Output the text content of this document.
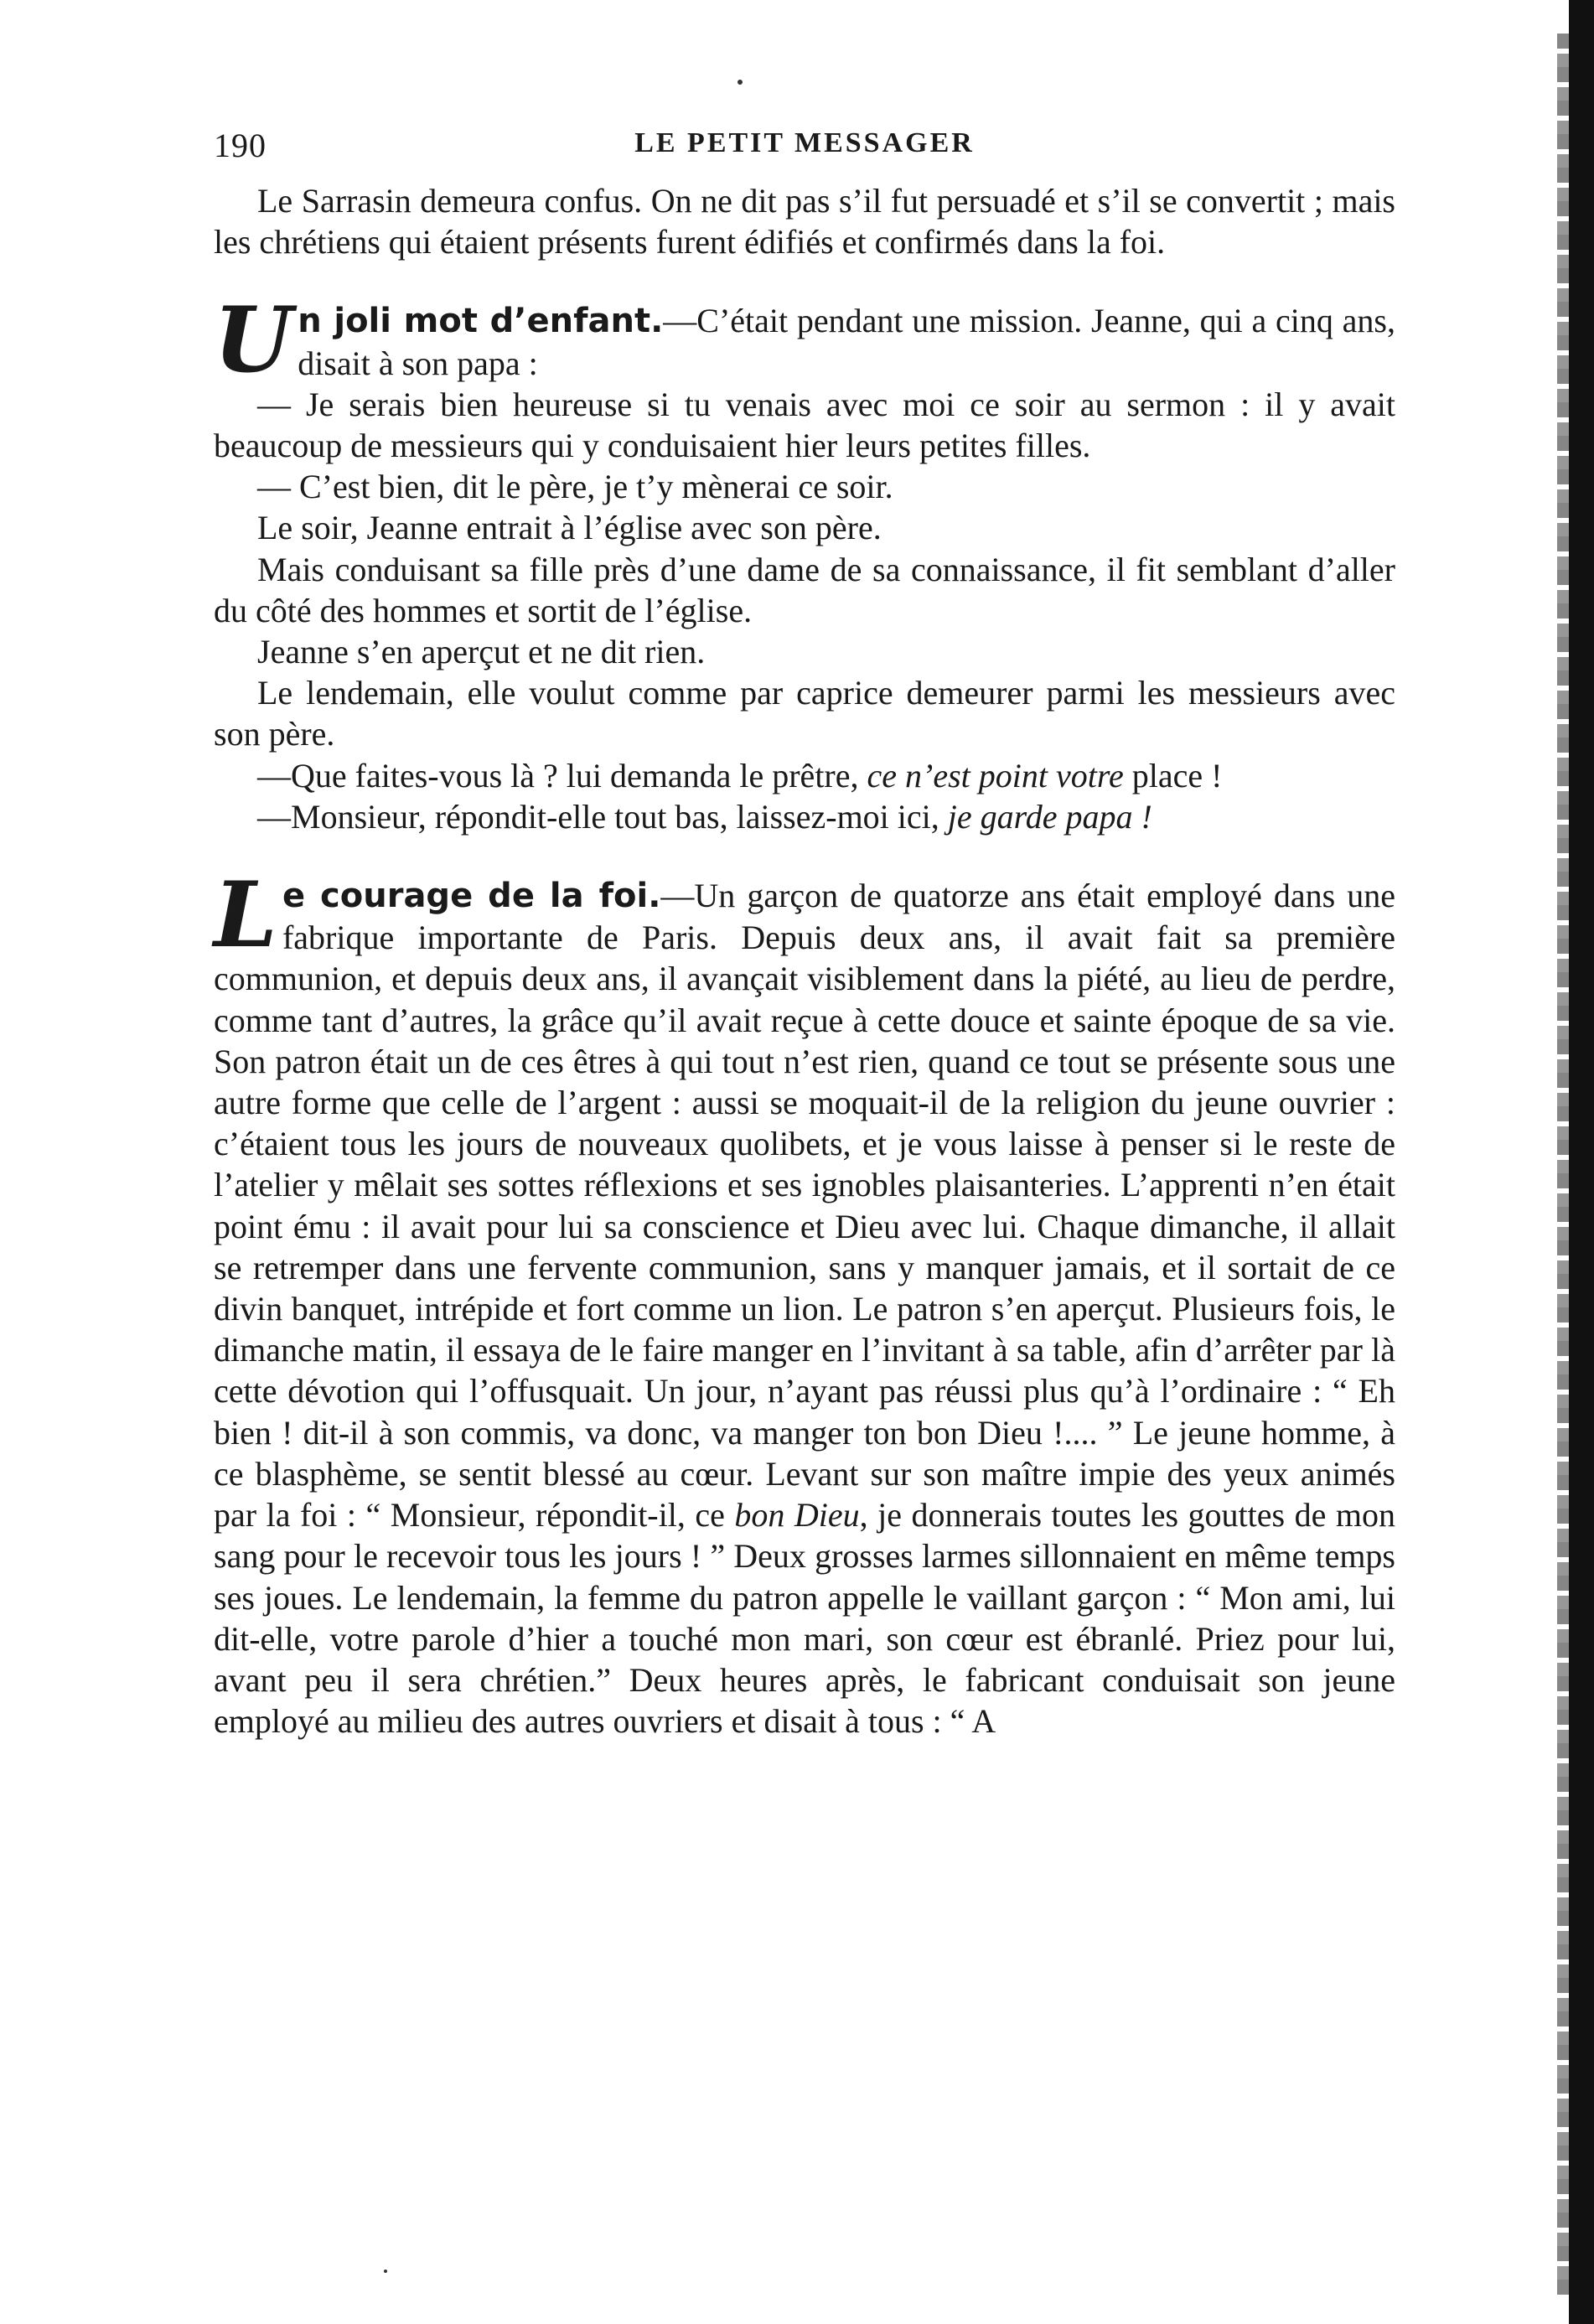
190	LE PETIT MESSAGER

Le Sarrasin demeura confus. On ne dit pas s’il fut persuadé et s’il se convertit ; mais les chrétiens qui étaient présents furent édifiés et confirmés dans la foi.

Un joli mot d’enfant.—C’était pendant une mission. Jeanne, qui a cinq ans, disait à son papa :

— Je serais bien heureuse si tu venais avec moi ce soir au sermon : il y avait beaucoup de messieurs qui y conduisaient hier leurs petites filles.

— C’est bien, dit le père, je t’y mènerai ce soir.

Le soir, Jeanne entrait à l’église avec son père.

Mais conduisant sa fille près d’une dame de sa connaissance, il fit semblant d’aller du côté des hommes et sortit de l’église.

Jeanne s’en aperçut et ne dit rien.

Le lendemain, elle voulut comme par caprice demeurer parmi les messieurs avec son père.

—Que faites-vous là ? lui demanda le prêtre, ce n’est point votre place !

—Monsieur, répondit-elle tout bas, laissez-moi ici, je garde papa !

Le courage de la foi.—Un garçon de quatorze ans était employé dans une fabrique importante de Paris. Depuis deux ans, il avait fait sa première communion, et depuis deux ans, il avançait visiblement dans la piété, au lieu de perdre, comme tant d’autres, la grâce qu’il avait reçue à cette douce et sainte époque de sa vie. Son patron était un de ces êtres à qui tout n’est rien, quand ce tout se présente sous une autre forme que celle de l’argent : aussi se moquait-il de la religion du jeune ouvrier : c’étaient tous les jours de nouveaux quolibets, et je vous laisse à penser si le reste de l’atelier y mêlait ses sottes réflexions et ses ignobles plaisanteries. L’apprenti n’en était point ému : il avait pour lui sa conscience et Dieu avec lui. Chaque dimanche, il allait se retremper dans une fervente communion, sans y manquer jamais, et il sortait de ce divin banquet, intrépide et fort comme un lion. Le patron s’en aperçut. Plusieurs fois, le dimanche matin, il essaya de le faire manger en l’invitant à sa table, afin d’arrêter par là cette dévotion qui l’offusquait. Un jour, n’ayant pas réussi plus qu’à l’ordinaire : “ Eh bien ! dit-il à son commis, va donc, va manger ton bon Dieu !.... ” Le jeune homme, à ce blasphème, se sentit blessé au cœur. Levant sur son maître impie des yeux animés par la foi : “ Monsieur, répondit-il, ce bon Dieu, je donnerais toutes les gouttes de mon sang pour le recevoir tous les jours ! ” Deux grosses larmes sillonnaient en même temps ses joues. Le lendemain, la femme du patron appelle le vaillant garçon : “ Mon ami, lui dit-elle, votre parole d’hier a touché mon mari, son cœur est ébranlé. Priez pour lui, avant peu il sera chrétien.” Deux heures après, le fabricant conduisait son jeune employé au milieu des autres ouvriers et disait à tous : “ A
